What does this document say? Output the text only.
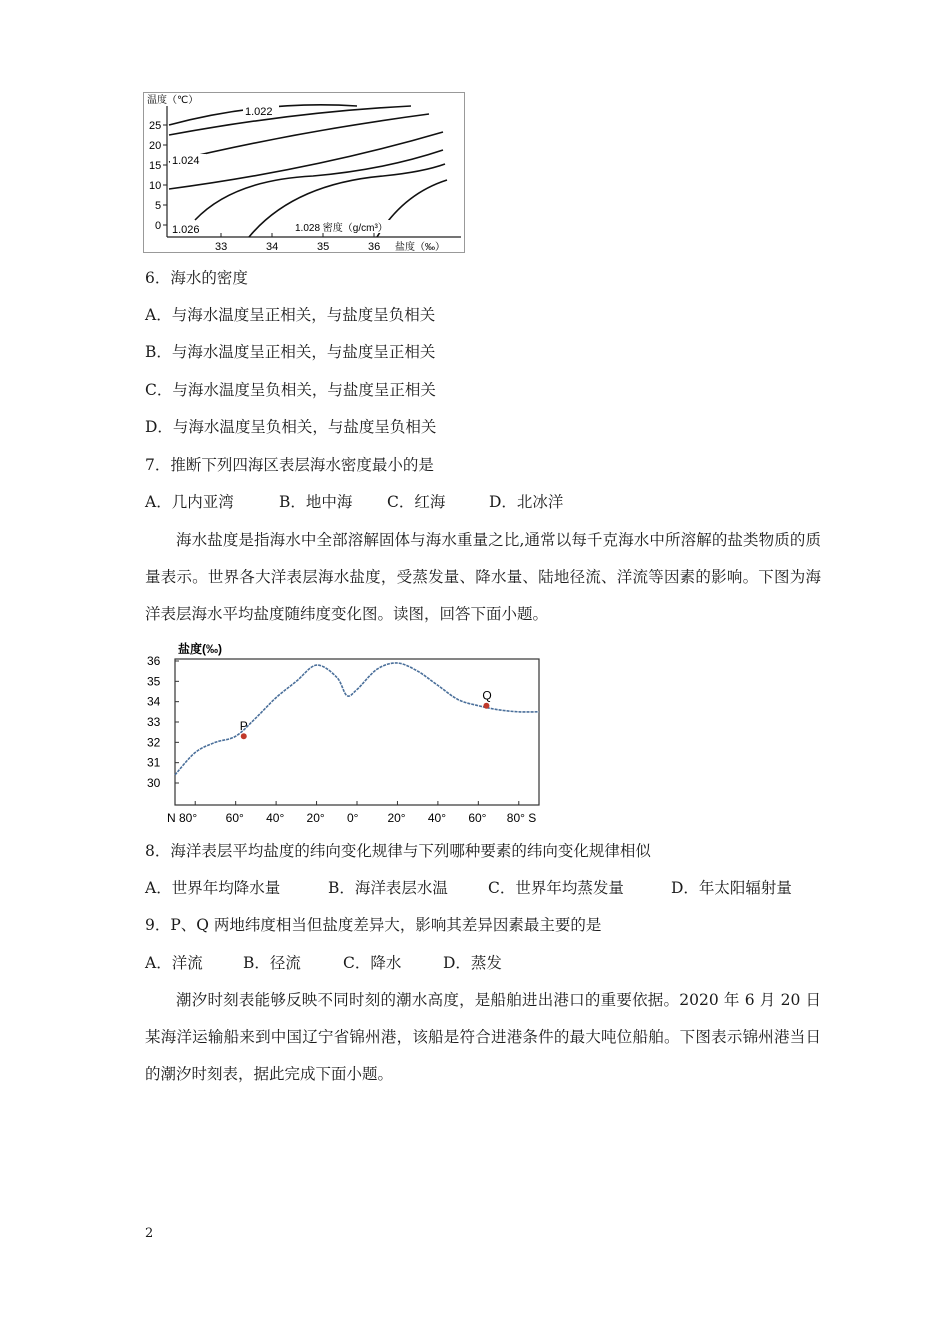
温度（℃）
25
20
15
10
5
0
33	34	35	36 盐度（‰）
1.022
1.024
1.026	1.028 密度（g/cm³）
6．海水的密度
A．与海水温度呈正相关，与盐度呈负相关
B．与海水温度呈正相关，与盐度呈正相关
C．与海水温度呈负相关，与盐度呈正相关
D．与海水温度呈负相关，与盐度呈负相关
7．推断下列四海区表层海水密度最小的是
A．几内亚湾	B．地中海 C．红海	D．北冰洋
海水盐度是指海水中全部溶解固体与海水重量之比,通常以每千克海水中所溶解的盐类物质的质量表示。世界各大洋表层海水盐度，受蒸发量、降水量、陆地径流、洋流等因素的影响。下图为海洋表层海水平均盐度随纬度变化图。读图，回答下面小题。
盐度(‰)
36
35
34
33
32
31
30
N 80° 60° 40° 20° 0° 20° 40° 60° 80° S
P
Q
8．海洋表层平均盐度的纬向变化规律与下列哪种要素的纬向变化规律相似
A．世界年均降水量	B．海洋表层水温	C．世界年均蒸发量	D．年太阳辐射量
9．P、Q 两地纬度相当但盐度差异大，影响其差异因素最主要的是
A．洋流	B．径流	C．降水	D．蒸发
潮汐时刻表能够反映不同时刻的潮水高度，是船舶进出港口的重要依据。2020 年 6 月 20 日某海洋运输船来到中国辽宁省锦州港，该船是符合进港条件的最大吨位船舶。下图表示锦州港当日的潮汐时刻表，据此完成下面小题。
2
